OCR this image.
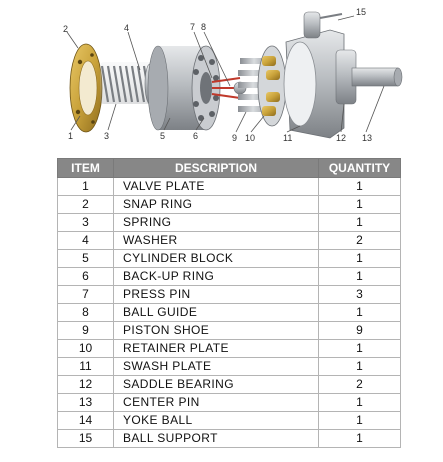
2
1	3
4
5	6
7 8
9 10	11	12 13
15
ITEM	DESCRIPTION	QUANTITY
1	VALVE PLATE	1
2	SNAP RING	1
3	SPRING	1
4	WASHER	2
5	CYLINDER BLOCK	1
6	BACK-UP RING	1
7	PRESS PIN	3
8	BALL GUIDE	1
9	PISTON SHOE	9
10	RETAINER PLATE	1
11	SWASH PLATE	1
12	SADDLE BEARING	2
13	CENTER PIN	1
14	YOKE BALL	1
15	BALL SUPPORT	1
